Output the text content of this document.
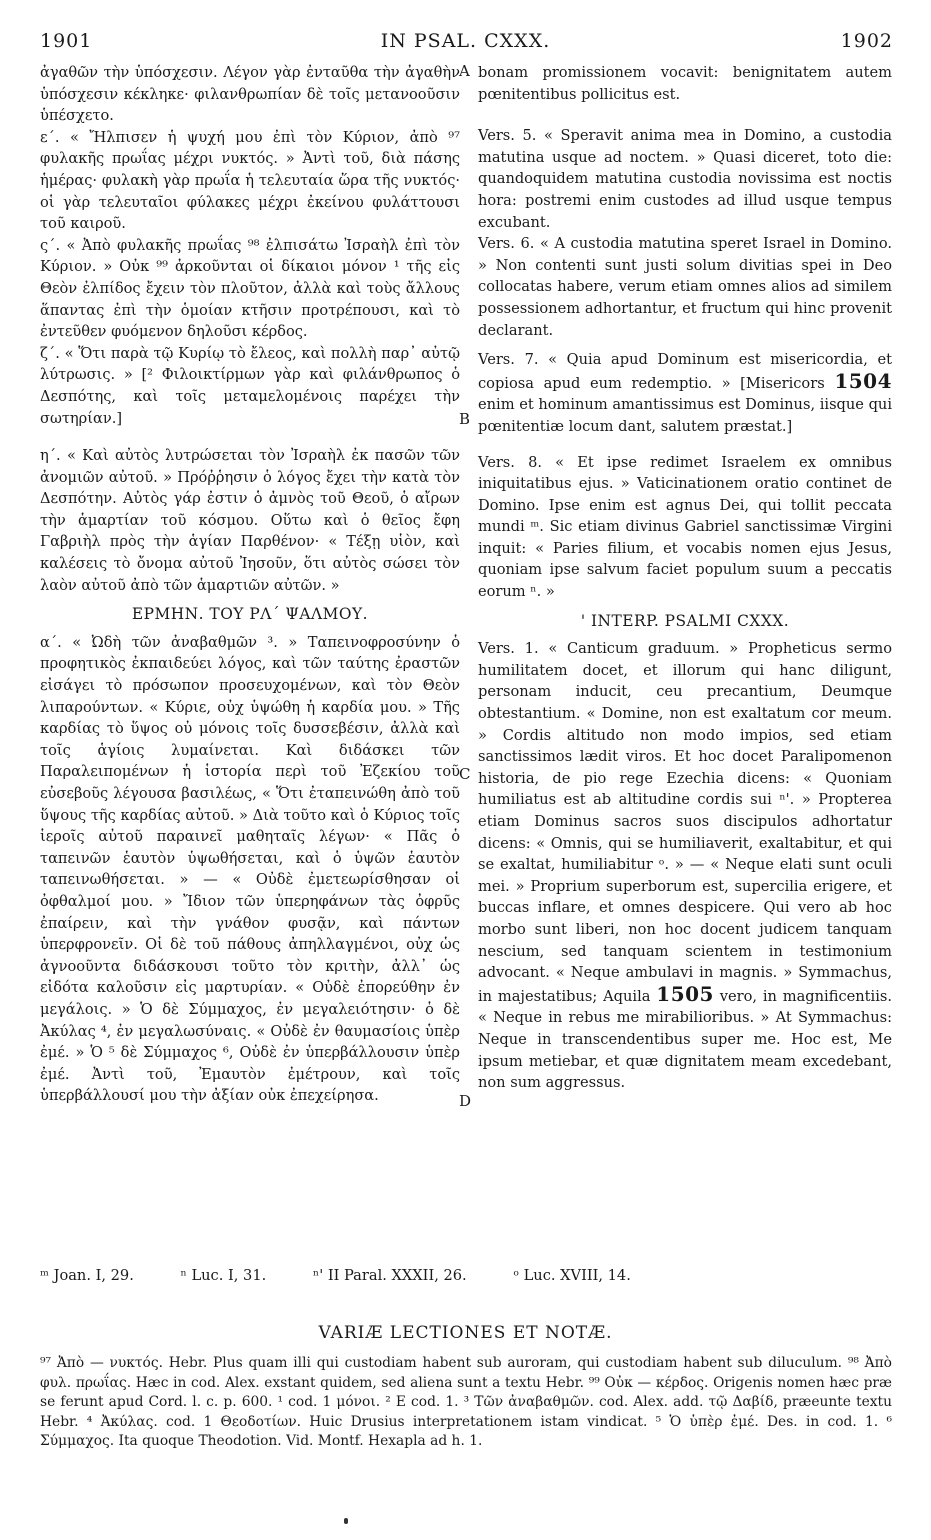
1901	IN PSAL. CXXX.	1902

ἀγαθῶν τὴν ὑπόσχεσιν. Λέγον γὰρ ἐνταῦθα τὴν ἀγαθὴν ὑπόσχεσιν κέκληκε· φιλανθρωπίαν δὲ τοῖς μετανοοῦσιν ὑπέσχετο.

ε΄. « Ἤλπισεν ἡ ψυχή μου ἐπὶ τὸν Κύριον, ἀπὸ ⁹⁷ φυλακῆς πρωΐας μέχρι νυκτός. » Ἀντὶ τοῦ, διὰ πάσης ἡμέρας· φυλακὴ γὰρ πρωΐα ἡ τελευταία ὥρα τῆς νυκτός· οἱ γὰρ τελευταῖοι φύλακες μέχρι ἐκείνου φυλάττουσι τοῦ καιροῦ.

ς΄. « Ἀπὸ φυλακῆς πρωΐας ⁹⁸ ἐλπισάτω Ἰσραὴλ ἐπὶ τὸν Κύριον. » Οὐκ ⁹⁹ ἀρκοῦνται οἱ δίκαιοι μόνον ¹ τῆς εἰς Θεὸν ἐλπίδος ἔχειν τὸν πλοῦτον, ἀλλὰ καὶ τοὺς ἄλλους ἅπαντας ἐπὶ τὴν ὁμοίαν κτῆσιν προτρέπουσι, καὶ τὸ ἐντεῦθεν φυόμενον δηλοῦσι κέρδος.

ζ΄. « Ὅτι παρὰ τῷ Κυρίῳ τὸ ἔλεος, καὶ πολλὴ παρ᾽ αὐτῷ λύτρωσις. » [² Φιλοικτίρμων γὰρ καὶ φιλάνθρωπος ὁ Δεσπότης, καὶ τοῖς μεταμελομένοις παρέχει τὴν σωτηρίαν.]

η΄. « Καὶ αὐτὸς λυτρώσεται τὸν Ἰσραὴλ ἐκ πασῶν τῶν ἀνομιῶν αὐτοῦ. » Πρόῤῥησιν ὁ λόγος ἔχει τὴν κατὰ τὸν Δεσπότην. Αὐτὸς γάρ ἐστιν ὁ ἀμνὸς τοῦ Θεοῦ, ὁ αἴρων τὴν ἁμαρτίαν τοῦ κόσμου. Οὕτω καὶ ὁ θεῖος ἔφη Γαβριὴλ πρὸς τὴν ἁγίαν Παρθένον· « Τέξῃ υἱὸν, καὶ καλέσεις τὸ ὄνομα αὐτοῦ Ἰησοῦν, ὅτι αὐτὸς σώσει τὸν λαὸν αὐτοῦ ἀπὸ τῶν ἁμαρτιῶν αὐτῶν. »

ΕΡΜΗΝ. ΤΟΥ ΡΛ΄ ΨΑΛΜΟΥ.

α΄. « Ὠδὴ τῶν ἀναβαθμῶν ³. » Ταπεινοφροσύνην ὁ προφητικὸς ἐκπαιδεύει λόγος, καὶ τῶν ταύτης ἐραστῶν εἰσάγει τὸ πρόσωπον προσευχομένων, καὶ τὸν Θεὸν λιπαρούντων. « Κύριε, οὐχ ὑψώθη ἡ καρδία μου. » Τῆς καρδίας τὸ ὕψος οὐ μόνοις τοῖς δυσσεβέσιν, ἀλλὰ καὶ τοῖς ἁγίοις λυμαίνεται. Καὶ διδάσκει τῶν Παραλειπομένων ἡ ἱστορία περὶ τοῦ Ἐζεκίου τοῦ εὐσεβοῦς λέγουσα βασιλέως, « Ὅτι ἐταπεινώθη ἀπὸ τοῦ ὕψους τῆς καρδίας αὐτοῦ. » Διὰ τοῦτο καὶ ὁ Κύριος τοῖς ἱεροῖς αὐτοῦ παραινεῖ μαθηταῖς λέγων· « Πᾶς ὁ ταπεινῶν ἑαυτὸν ὑψωθήσεται, καὶ ὁ ὑψῶν ἑαυτὸν ταπεινωθήσεται. » — « Οὐδὲ ἐμετεωρίσθησαν οἱ ὀφθαλμοί μου. » Ἴδιον τῶν ὑπερηφάνων τὰς ὀφρῦς ἐπαίρειν, καὶ τὴν γνάθον φυσᾷν, καὶ πάντων ὑπερφρονεῖν. Οἱ δὲ τοῦ πάθους ἀπηλλαγμένοι, οὐχ ὡς ἀγνοοῦντα διδάσκουσι τοῦτο τὸν κριτὴν, ἀλλ᾽ ὡς εἰδότα καλοῦσιν εἰς μαρτυρίαν. « Οὐδὲ ἐπορεύθην ἐν μεγάλοις. » Ὁ δὲ Σύμμαχος, ἐν μεγαλειότησιν· ὁ δὲ Ἀκύλας ⁴, ἐν μεγαλωσύναις. « Οὐδὲ ἐν θαυμασίοις ὑπὲρ ἐμέ. » Ὁ ⁵ δὲ Σύμμαχος ⁶, Οὐδὲ ἐν ὑπερβάλλουσιν ὑπὲρ ἐμέ. Ἀντὶ τοῦ, Ἐμαυτὸν ἐμέτρουν, καὶ τοῖς ὑπερβάλλουσί μου τὴν ἀξίαν οὐκ ἐπεχείρησα.

A
B
C
D

bonam promissionem vocavit: benignitatem autem pœnitentibus pollicitus est.

Vers. 5. « Speravit anima mea in Domino, a custodia matutina usque ad noctem. » Quasi diceret, toto die: quandoquidem matutina custodia novissima est noctis hora: postremi enim custodes ad illud usque tempus excubant.

Vers. 6. « A custodia matutina speret Israel in Domino. » Non contenti sunt justi solum divitias spei in Deo collocatas habere, verum etiam omnes alios ad similem possessionem adhortantur, et fructum qui hinc provenit declarant.

Vers. 7. « Quia apud Dominum est misericordia, et copiosa apud eum redemptio. » [Misericors 1504 enim et hominum amantissimus est Dominus, iisque qui pœnitentiæ locum dant, salutem præstat.]

Vers. 8. « Et ipse redimet Israelem ex omnibus iniquitatibus ejus. » Vaticinationem oratio continet de Domino. Ipse enim est agnus Dei, qui tollit peccata mundi ᵐ. Sic etiam divinus Gabriel sanctissimæ Virgini inquit: « Paries filium, et vocabis nomen ejus Jesus, quoniam ipse salvum faciet populum suum a peccatis eorum ⁿ. »

' INTERP. PSALMI CXXX.

Vers. 1. « Canticum graduum. » Propheticus sermo humilitatem docet, et illorum qui hanc diligunt, personam inducit, ceu precantium, Deumque obtestantium. « Domine, non est exaltatum cor meum. » Cordis altitudo non modo impios, sed etiam sanctissimos lædit viros. Et hoc docet Paralipomenon historia, de pio rege Ezechia dicens: « Quoniam humiliatus est ab altitudine cordis sui ⁿ'. » Propterea etiam Dominus sacros suos discipulos adhortatur dicens: « Omnis, qui se humiliaverit, exaltabitur, et qui se exaltat, humiliabitur ᵒ. » — « Neque elati sunt oculi mei. » Proprium superborum est, supercilia erigere, et buccas inflare, et omnes despicere. Qui vero ab hoc morbo sunt liberi, non hoc docent judicem tanquam nescium, sed tanquam scientem in testimonium advocant. « Neque ambulavi in magnis. » Symmachus, in majestatibus; Aquila 1505 vero, in magnificentiis. « Neque in rebus me mirabilioribus. » At Symmachus: Neque in transcendentibus super me. Hoc est, Me ipsum metiebar, et quæ dignitatem meam excedebant, non sum aggressus.

ᵐ Joan. I, 29.	ⁿ Luc. I, 31.	ⁿ' II Paral. XXXII, 26.	ᵒ Luc. XVIII, 14.
VARIÆ LECTIONES ET NOTÆ.

⁹⁷ Ἀπὸ — νυκτός. Hebr. Plus quam illi qui custodiam habent sub auroram, qui custodiam habent sub diluculum. ⁹⁸ Ἀπὸ φυλ. πρωΐας. Hæc in cod. Alex. exstant quidem, sed aliena sunt a textu Hebr. ⁹⁹ Οὐκ — κέρδος. Origenis nomen hæc præ se ferunt apud Cord. l. c. p. 600. ¹ cod. 1 μόνοι. ² E cod. 1. ³ Τῶν ἀναβαθμῶν. cod. Alex. add. τῷ Δαβίδ, præeunte textu Hebr. ⁴ Ἀκύλας. cod. 1 Θεοδοτίων. Huic Drusius interpretationem istam vindicat. ⁵ Ὁ ὑπὲρ ἐμέ. Des. in cod. 1. ⁶ Σύμμαχος. Ita quoque Theodotion. Vid. Montf. Hexapla ad h. 1.
